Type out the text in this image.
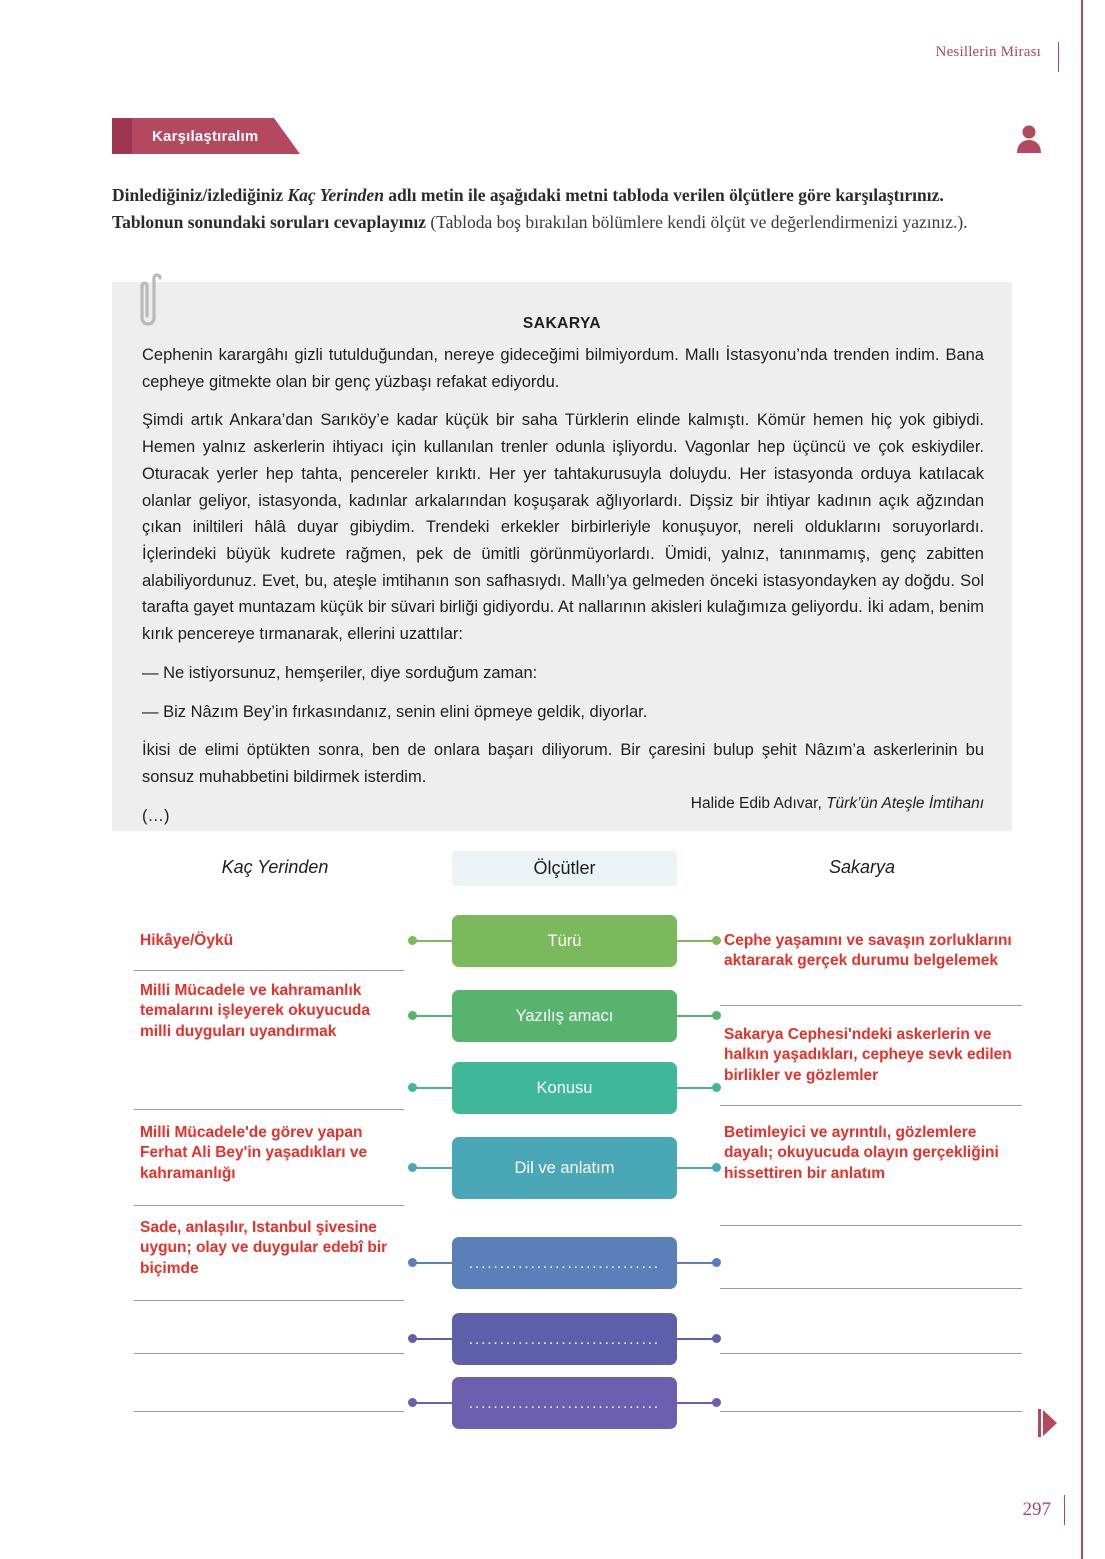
Nesillerin Mirası
Karşılaştıralım
Dinlediğiniz/izlediğiniz Kaç Yerinden adlı metin ile aşağıdaki metni tabloda verilen ölçütlere göre karşılaştırınız. Tablonun sonundaki soruları cevaplayınız (Tabloda boş bırakılan bölümlere kendi ölçüt ve değerlendirmenizi yazınız.).
SAKARYA

Cephenin karargâhı gizli tutulduğundan, nereye gideceğimi bilmiyordum. Mallı İstasyonu’nda trenden indim. Bana cepheye gitmekte olan bir genç yüzbaşı refakat ediyordu.

Şimdi artık Ankara’dan Sarıköy’e kadar küçük bir saha Türklerin elinde kalmıştı. Kömür hemen hiç yok gibiydi. Hemen yalnız askerlerin ihtiyacı için kullanılan trenler odunla işliyordu. Vagonlar hep üçüncü ve çok eskiydiler. Oturacak yerler hep tahta, pencereler kırıktı. Her yer tahtakurusuyla doluydu. Her istasyonda orduya katılacak olanlar geliyor, istasyonda, kadınlar arkalarından koşuşarak ağlıyorlardı. Dişsiz bir ihtiyar kadının açık ağzından çıkan iniltileri hâlâ duyar gibiydim. Trendeki erkekler birbirleriyle konuşuyor, nereli olduklarını soruyorlardı. İçlerindeki büyük kudrete rağmen, pek de ümitli görünmüyorlardı. Ümidi, yalnız, tanınmamış, genç zabitten alabiliyordunuz. Evet, bu, ateşle imtihanın son safhasıydı. Mallı’ya gelmeden önceki istasyondayken ay doğdu. Sol tarafta gayet muntazam küçük bir süvari birliği gidiyordu. At nallarının akisleri kulağımıza geliyordu. İki adam, benim kırık pencereye tırmanarak, ellerini uzattılar:

— Ne istiyorsunuz, hemşeriler, diye sorduğum zaman:

— Biz Nâzım Bey’in fırkasındanız, senin elini öpmeye geldik, diyorlar.

İkisi de elimi öptükten sonra, ben de onlara başarı diliyorum. Bir çaresini bulup şehit Nâzım’a askerlerinin bu sonsuz muhabbetini bildirmek isterdim.

(…)

Halide Edib Adıvar, Türk’ün Ateşle İmtihanı
Kaç Yerinden	Ölçütler	Sakarya
Türü
Yazılış amacı
Konusu
Dil ve anlatım
...............................
...............................
...............................
Hikâye/Öykü
Milli Mücadele ve kahramanlık temalarını işleyerek okuyucuda milli duyguları uyandırmak
Milli Mücadele'de görev yapan Ferhat Ali Bey'in yaşadıkları ve kahramanlığı
Sade, anlaşılır, Istanbul şivesine uygun; olay ve duygular edebî bir biçimde
Cephe yaşamını ve savaşın zorluklarını aktararak gerçek durumu belgelemek
Sakarya Cephesi'ndeki askerlerin ve halkın yaşadıkları, cepheye sevk edilen birlikler ve gözlemler
Betimleyici ve ayrıntılı, gözlemlere dayalı; okuyucuda olayın gerçekliğini hissettiren bir anlatım
297
